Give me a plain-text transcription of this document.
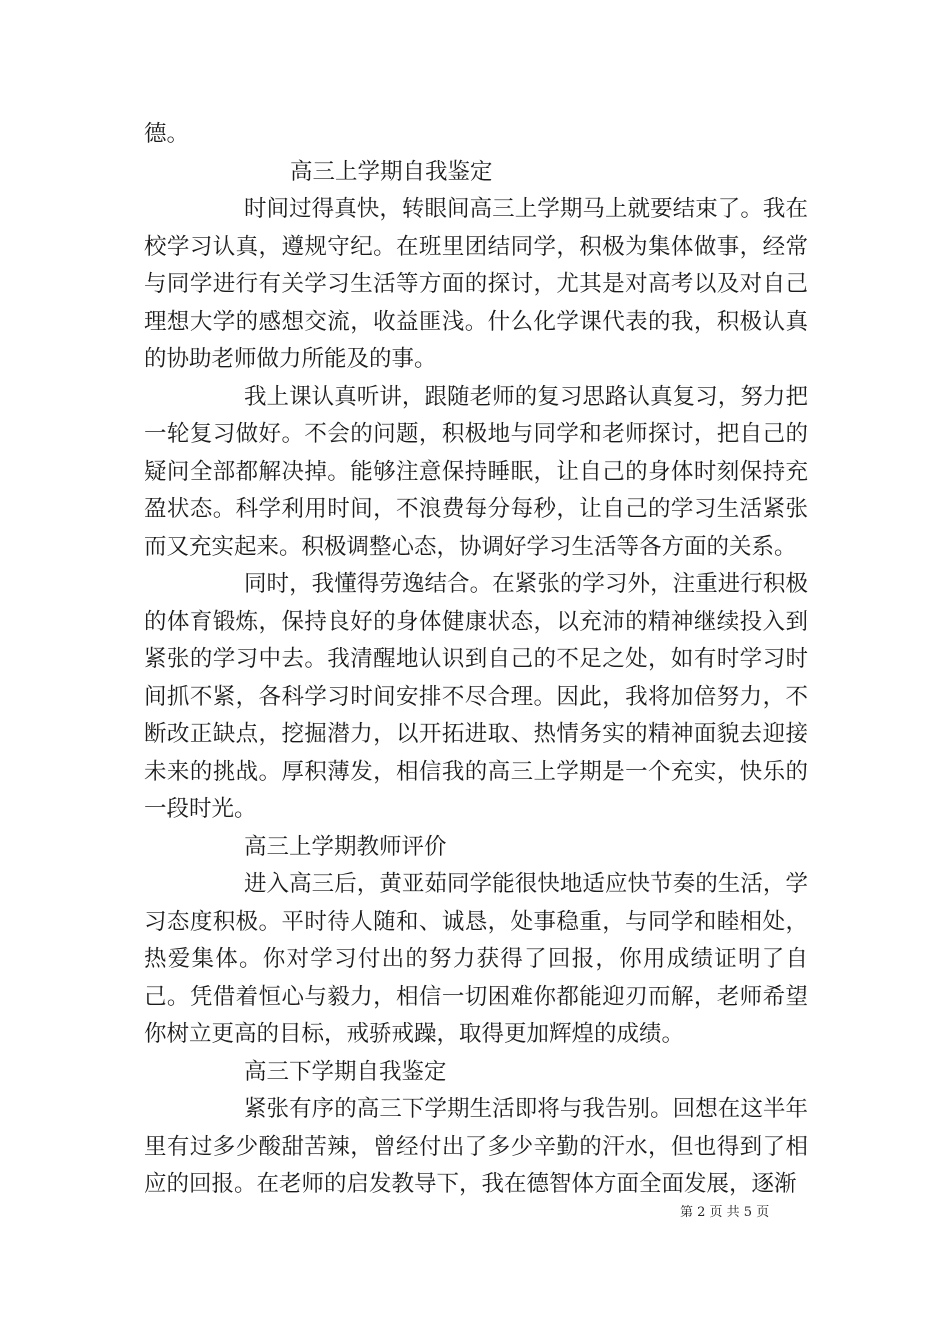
德。

高三上学期自我鉴定

时间过得真快，转眼间高三上学期马上就要结束了。我在校学习认真，遵规守纪。在班里团结同学，积极为集体做事，经常与同学进行有关学习生活等方面的探讨，尤其是对高考以及对自己理想大学的感想交流，收益匪浅。什么化学课代表的我，积极认真的协助老师做力所能及的事。

我上课认真听讲，跟随老师的复习思路认真复习，努力把一轮复习做好。不会的问题，积极地与同学和老师探讨，把自己的疑问全部都解决掉。能够注意保持睡眠，让自己的身体时刻保持充盈状态。科学利用时间，不浪费每分每秒，让自己的学习生活紧张而又充实起来。积极调整心态，协调好学习生活等各方面的关系。

同时，我懂得劳逸结合。在紧张的学习外，注重进行积极的体育锻炼，保持良好的身体健康状态，以充沛的精神继续投入到紧张的学习中去。我清醒地认识到自己的不足之处，如有时学习时间抓不紧，各科学习时间安排不尽合理。因此，我将加倍努力，不断改正缺点，挖掘潜力，以开拓进取、热情务实的精神面貌去迎接未来的挑战。厚积薄发，相信我的高三上学期是一个充实，快乐的一段时光。

高三上学期教师评价

进入高三后，黄亚茹同学能很快地适应快节奏的生活，学习态度积极。平时待人随和、诚恳，处事稳重，与同学和睦相处，热爱集体。你对学习付出的努力获得了回报，你用成绩证明了自己。凭借着恒心与毅力，相信一切困难你都能迎刃而解，老师希望你树立更高的目标，戒骄戒躁，取得更加辉煌的成绩。

高三下学期自我鉴定

紧张有序的高三下学期生活即将与我告别。回想在这半年里有过多少酸甜苦辣，曾经付出了多少辛勤的汗水，但也得到了相应的回报。在老师的启发教导下，我在德智体方面全面发展，逐渐

第 2 页 共 5 页
